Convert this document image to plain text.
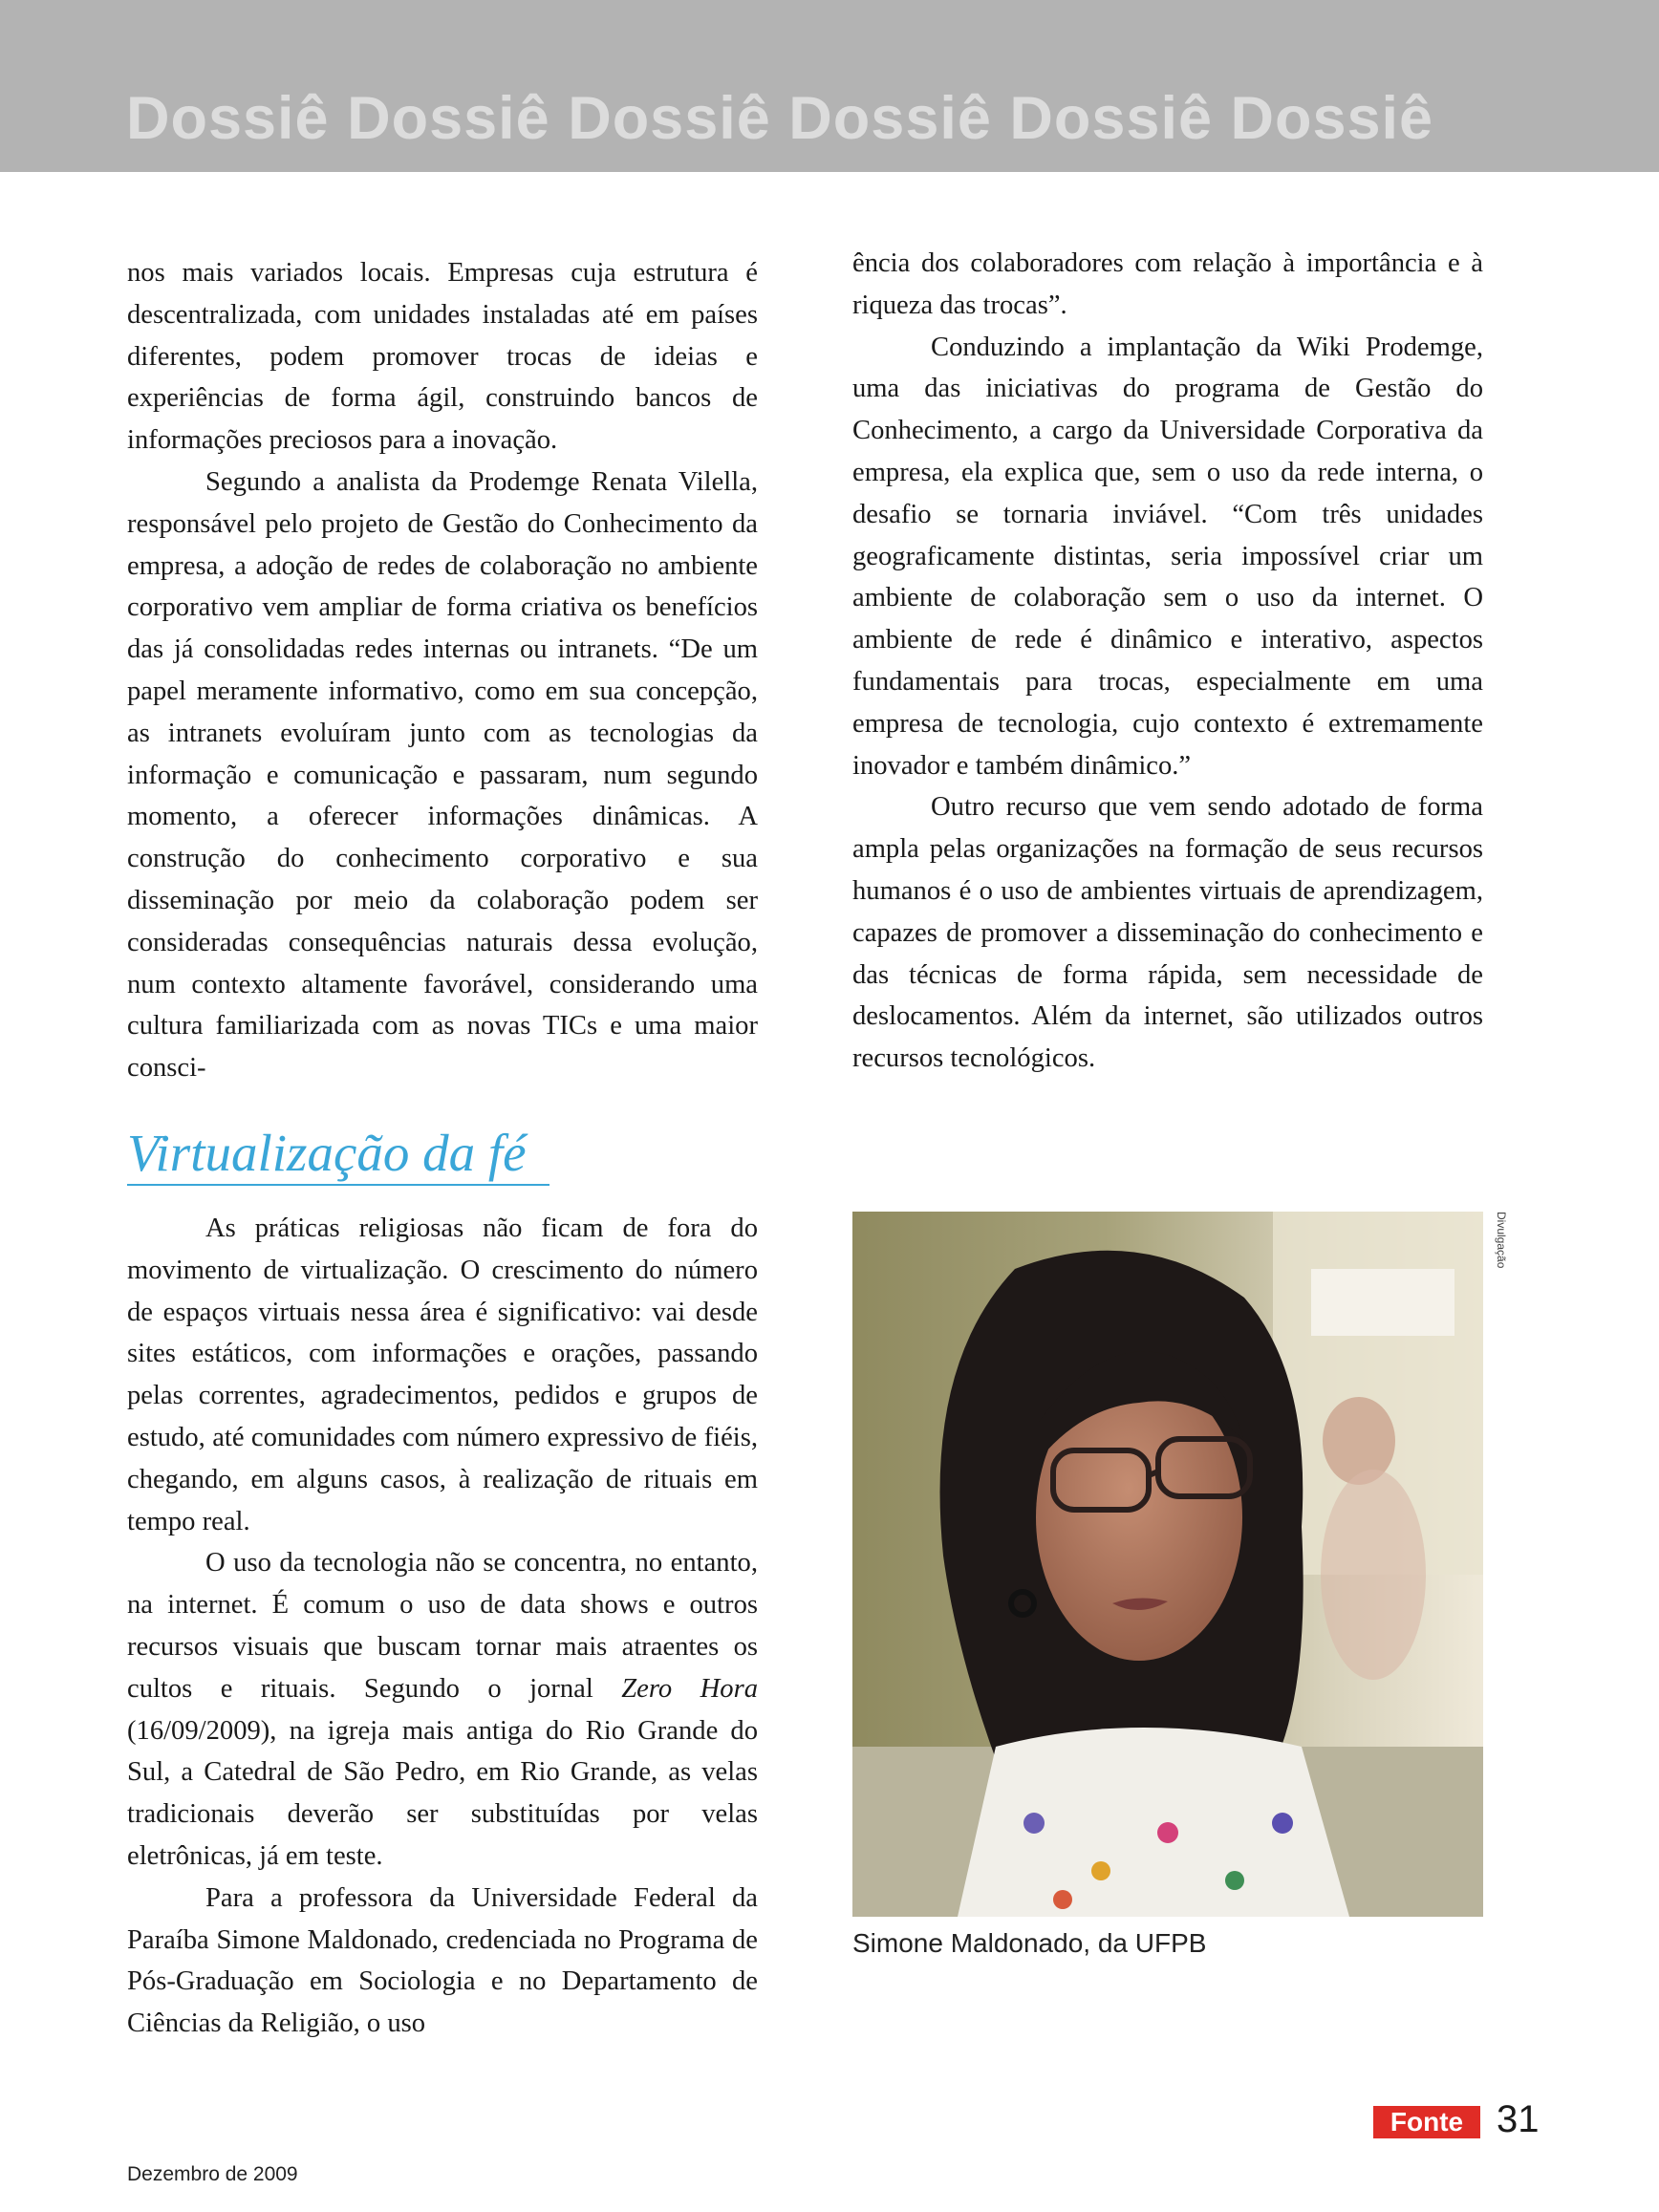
Dossiê Dossiê Dossiê Dossiê Dossiê Dossiê

nos mais variados locais. Empresas cuja estrutura é descentralizada, com unidades instaladas até em países diferentes, podem promover trocas de ideias e experiências de forma ágil, construindo bancos de informações preciosos para a inovação.

Segundo a analista da Prodemge Renata Vilella, responsável pelo projeto de Gestão do Conhecimento da empresa, a adoção de redes de colaboração no ambiente corporativo vem ampliar de forma criativa os benefícios das já consolidadas redes internas ou intranets. “De um papel meramente informativo, como em sua concepção, as intranets evoluíram junto com as tecnologias da informação e comunicação e passaram, num segundo momento, a oferecer informações dinâmicas. A construção do conhecimento corporativo e sua disseminação por meio da colaboração podem ser consideradas consequências naturais dessa evolução, num contexto altamente favorável, considerando uma cultura familiarizada com as novas TICs e uma maior consci-

ência dos colaboradores com relação à importância e à riqueza das trocas”.

Conduzindo a implantação da Wiki Prodemge, uma das iniciativas do programa de Gestão do Conhecimento, a cargo da Universidade Corporativa da empresa, ela explica que, sem o uso da rede interna, o desafio se tornaria inviável. “Com três unidades geograficamente distintas, seria impossível criar um ambiente de colaboração sem o uso da internet. O ambiente de rede é dinâmico e interativo, aspectos fundamentais para trocas, especialmente em uma empresa de tecnologia, cujo contexto é extremamente inovador e também dinâmico.”

Outro recurso que vem sendo adotado de forma ampla pelas organizações na formação de seus recursos humanos é o uso de ambientes virtuais de aprendizagem, capazes de promover a disseminação do conhecimento e das técnicas de forma rápida, sem necessidade de deslocamentos. Além da internet, são utilizados outros recursos tecnológicos.

Virtualização da fé

As práticas religiosas não ficam de fora do movimento de virtualização. O crescimento do número de espaços virtuais nessa área é significativo: vai desde sites estáticos, com informações e orações, passando pelas correntes, agradecimentos, pedidos e grupos de estudo, até comunidades com número expressivo de fiéis, chegando, em alguns casos, à realização de rituais em tempo real.

O uso da tecnologia não se concentra, no entanto, na internet. É comum o uso de data shows e outros recursos visuais que buscam tornar mais atraentes os cultos e rituais. Segundo o jornal Zero Hora (16/09/2009), na igreja mais antiga do Rio Grande do Sul, a Catedral de São Pedro, em Rio Grande, as velas tradicionais deverão ser substituídas por velas eletrônicas, já em teste.

Para a professora da Universidade Federal da Paraíba Simone Maldonado, credenciada no Programa de Pós-Graduação em Sociologia e no Departamento de Ciências da Religião, o uso

Divulgação
Simone Maldonado, da UFPB
Dezembro de 2009
Fonte 31
